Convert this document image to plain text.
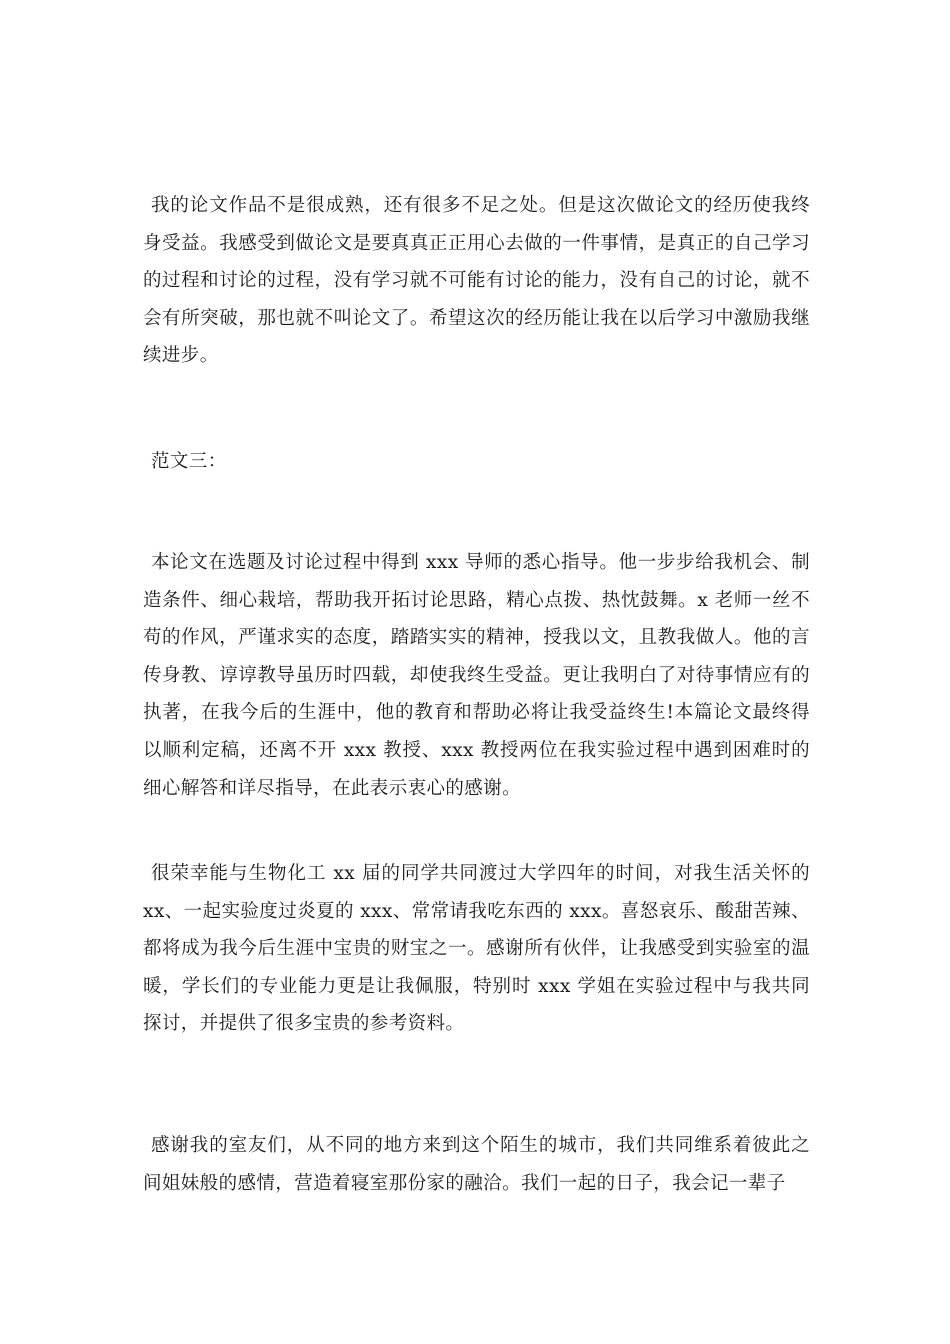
我的论文作品不是很成熟，还有很多不足之处。但是这次做论文的经历使我终身受益。我感受到做论文是要真真正正用心去做的一件事情，是真正的自己学习的过程和讨论的过程，没有学习就不可能有讨论的能力，没有自己的讨论，就不会有所突破，那也就不叫论文了。希望这次的经历能让我在以后学习中激励我继续进步。

范文三：

本论文在选题及讨论过程中得到 xxx 导师的悉心指导。他一步步给我机会、制造条件、细心栽培，帮助我开拓讨论思路，精心点拨、热忱鼓舞。x 老师一丝不苟的作风，严谨求实的态度，踏踏实实的精神，授我以文，且教我做人。他的言传身教、谆谆教导虽历时四载，却使我终生受益。更让我明白了对待事情应有的执著，在我今后的生涯中，他的教育和帮助必将让我受益终生!本篇论文最终得以顺利定稿，还离不开 xxx 教授、xxx 教授两位在我实验过程中遇到困难时的细心解答和详尽指导，在此表示衷心的感谢。

很荣幸能与生物化工 xx 届的同学共同渡过大学四年的时间，对我生活关怀的 xx、一起实验度过炎夏的 xxx、常常请我吃东西的 xxx。喜怒哀乐、酸甜苦辣、都将成为我今后生涯中宝贵的财宝之一。感谢所有伙伴，让我感受到实验室的温暖，学长们的专业能力更是让我佩服，特别时 xxx 学姐在实验过程中与我共同探讨，并提供了很多宝贵的参考资料。

感谢我的室友们，从不同的地方来到这个陌生的城市，我们共同维系着彼此之间姐妹般的感情，营造着寝室那份家的融洽。我们一起的日子，我会记一辈子
